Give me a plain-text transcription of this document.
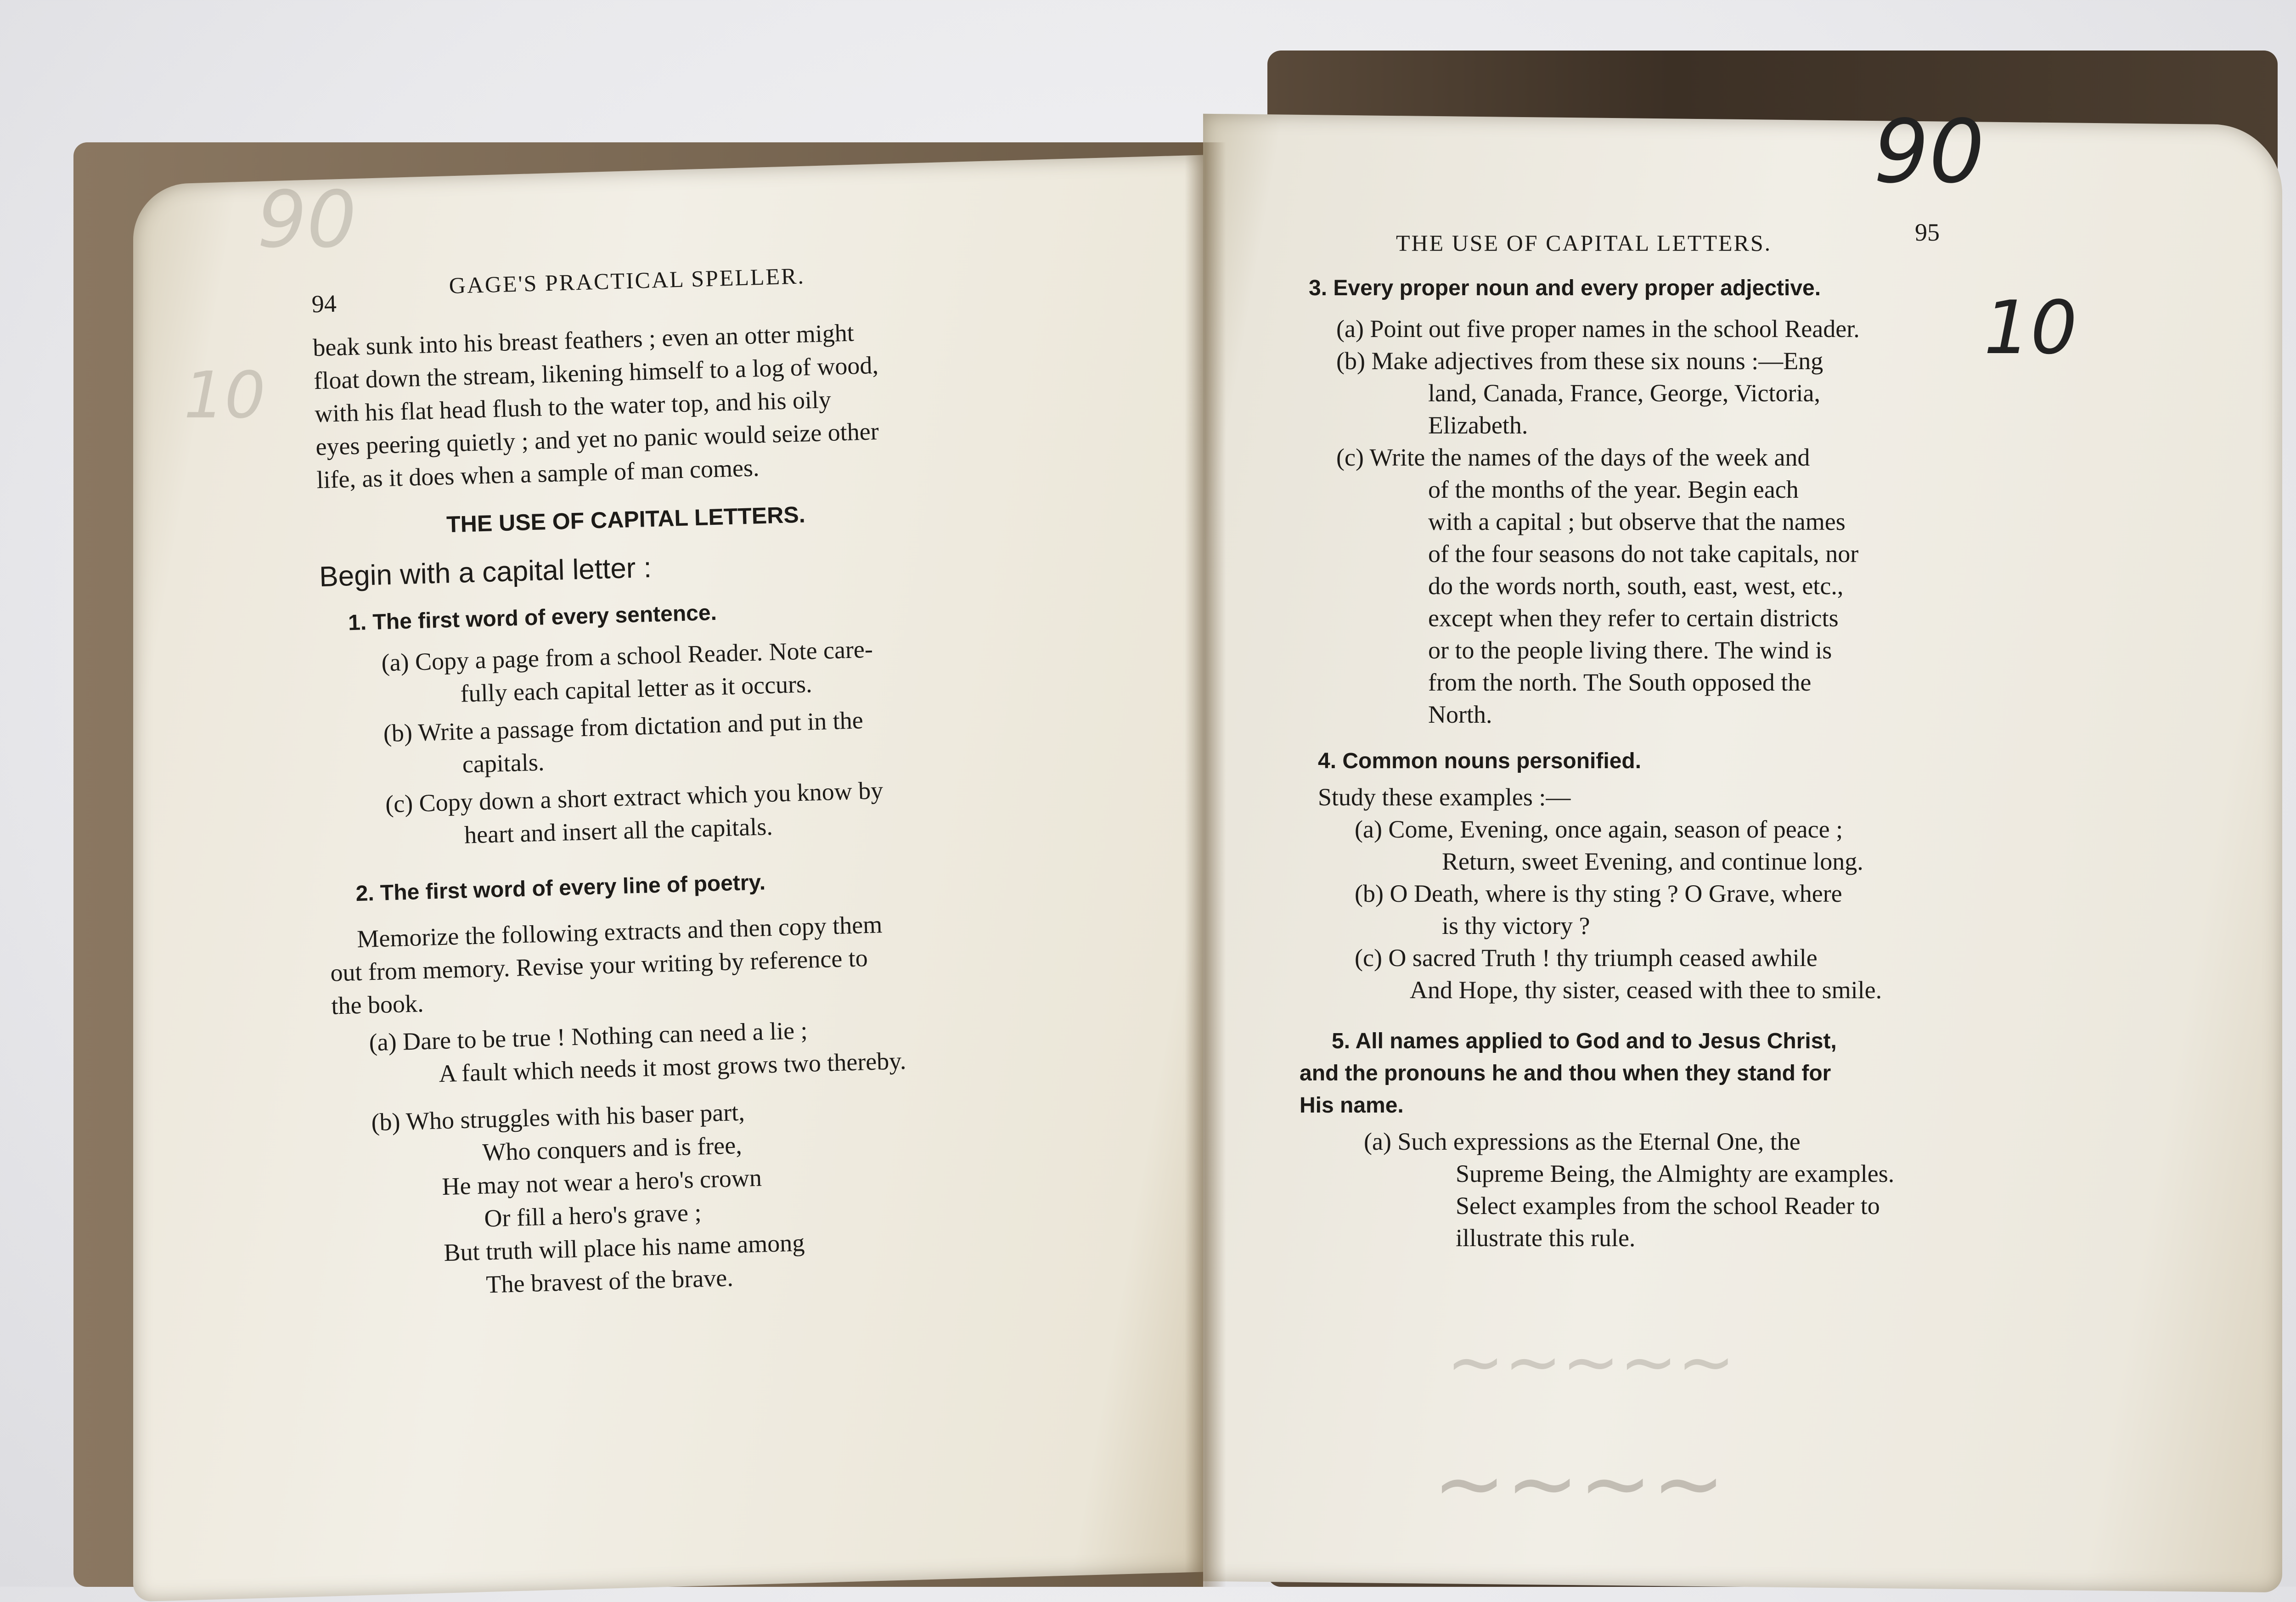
90
10
94
GAGE'S PRACTICAL SPELLER.
beak sunk into his breast feathers ; even an otter might
float down the stream, likening himself to a log of wood,
with his flat head flush to the water top, and his oily
eyes peering quietly ; and yet no panic would seize other
life, as it does when a sample of man comes.
THE USE OF CAPITAL LETTERS.
Begin with a capital letter :
1. The first word of every sentence.
(a) Copy a page from a school Reader. Note care-
fully each capital letter as it occurs.
(b) Write a passage from dictation and put in the
capitals.
(c) Copy down a short extract which you know by
heart and insert all the capitals.
2. The first word of every line of poetry.
Memorize the following extracts and then copy them
out from memory. Revise your writing by reference to
the book.
(a) Dare to be true ! Nothing can need a lie ;
A fault which needs it most grows two thereby.
(b) Who struggles with his baser part,
Who conquers and is free,
He may not wear a hero's crown
Or fill a hero's grave ;
But truth will place his name among
The bravest of the brave.
90
10
THE USE OF CAPITAL LETTERS.	95
3. Every proper noun and every proper adjective.
(a) Point out five proper names in the school Reader.
(b) Make adjectives from these six nouns :—Eng
land, Canada, France, George, Victoria,
Elizabeth.
(c) Write the names of the days of the week and
of the months of the year. Begin each
with a capital ; but observe that the names
of the four seasons do not take capitals, nor
do the words north, south, east, west, etc.,
except when they refer to certain districts
or to the people living there. The wind is
from the north. The South opposed the
North.
4. Common nouns personified.
Study these examples :—
(a) Come, Evening, once again, season of peace ;
Return, sweet Evening, and continue long.
(b) O Death, where is thy sting ? O Grave, where
is thy victory ?
(c) O sacred Truth ! thy triumph ceased awhile
And Hope, thy sister, ceased with thee to smile.
5. All names applied to God and to Jesus Christ,
and the pronouns he and thou when they stand for
His name.
(a) Such expressions as the Eternal One, the
Supreme Being, the Almighty are examples.
Select examples from the school Reader to
illustrate this rule.
~~~~~
~~~~
